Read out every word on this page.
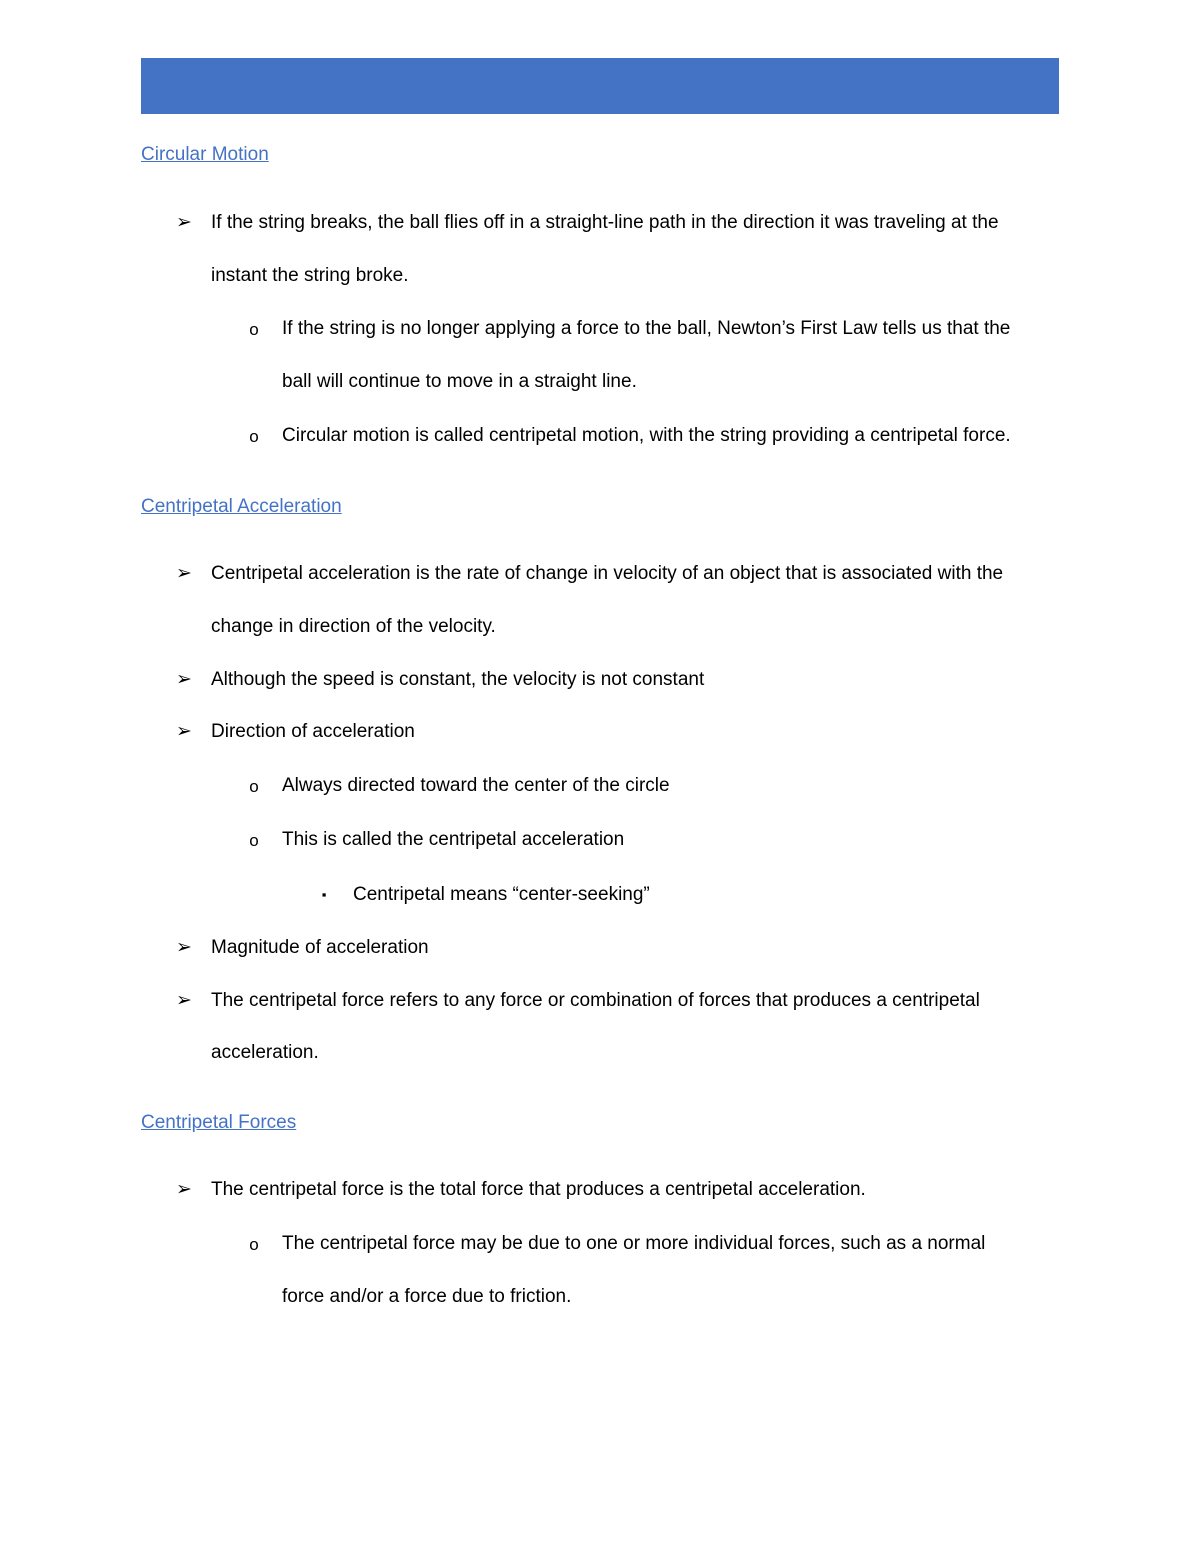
Circular Motion
➢ If the string breaks, the ball flies off in a straight-line path in the direction it was traveling at the
instant the string broke.
o	If the string is no longer applying a force to the ball, Newton’s First Law tells us that the
ball will continue to move in a straight line.
o	Circular motion is called centripetal motion, with the string providing a centripetal force.
Centripetal Acceleration
➢ Centripetal acceleration is the rate of change in velocity of an object that is associated with the
change in direction of the velocity.
➢ Although the speed is constant, the velocity is not constant
➢ Direction of acceleration
o	Always directed toward the center of the circle
o	This is called the centripetal acceleration
▪	Centripetal means “center-seeking”
➢ Magnitude of acceleration
➢ The centripetal force refers to any force or combination of forces that produces a centripetal
acceleration.
Centripetal Forces
➢ The centripetal force is the total force that produces a centripetal acceleration.
o	The centripetal force may be due to one or more individual forces, such as a normal
force and/or a force due to friction.
